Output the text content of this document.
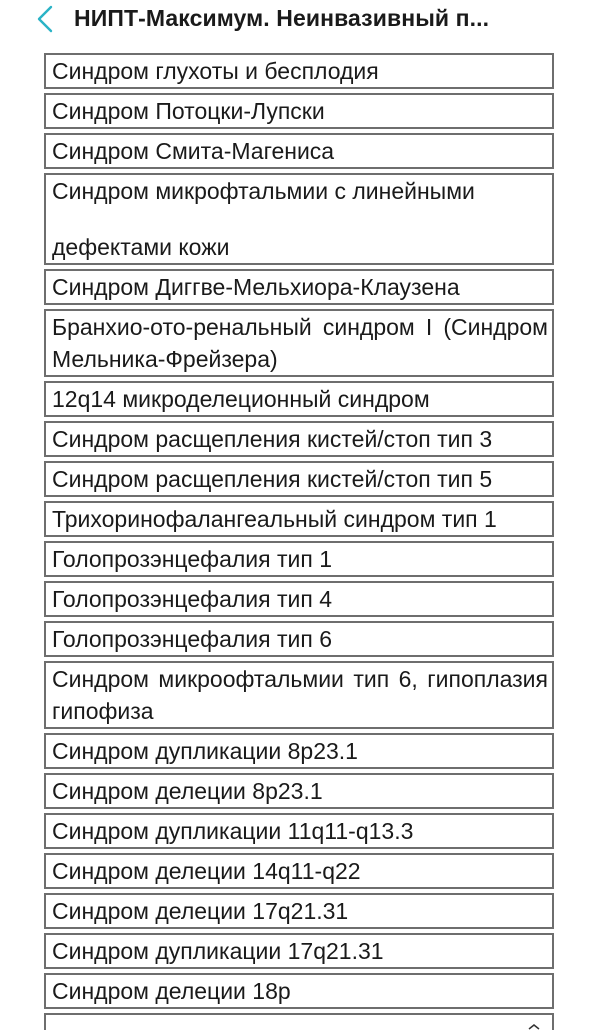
НИПТ-Максимум. Неинвазивный п...
Синдром глухоты и бесплодия
Синдром Потоцки-Лупски
Синдром Смита-Магениса
Синдром микрофтальмии с линейными
дефектами кожи
Синдром Диггве-Мельхиора-Клаузена
Бранхио-ото-ренальный синдром I (Синдром Мельника-Фрейзера)
12q14 микроделеционный синдром
Синдром расщепления кистей/стоп тип 3
Синдром расщепления кистей/стоп тип 5
Трихоринофалангеальный синдром тип 1
Голопрозэнцефалия тип 1
Голопрозэнцефалия тип 4
Голопрозэнцефалия тип 6
Синдром микроофтальмии тип 6, гипоплазия гипофиза
Синдром дупликации 8p23.1
Синдром делеции 8p23.1
Синдром дупликации 11q11-q13.3
Синдром делеции 14q11-q22
Синдром делеции 17q21.31
Синдром дупликации 17q21.31
Синдром делеции 18p
